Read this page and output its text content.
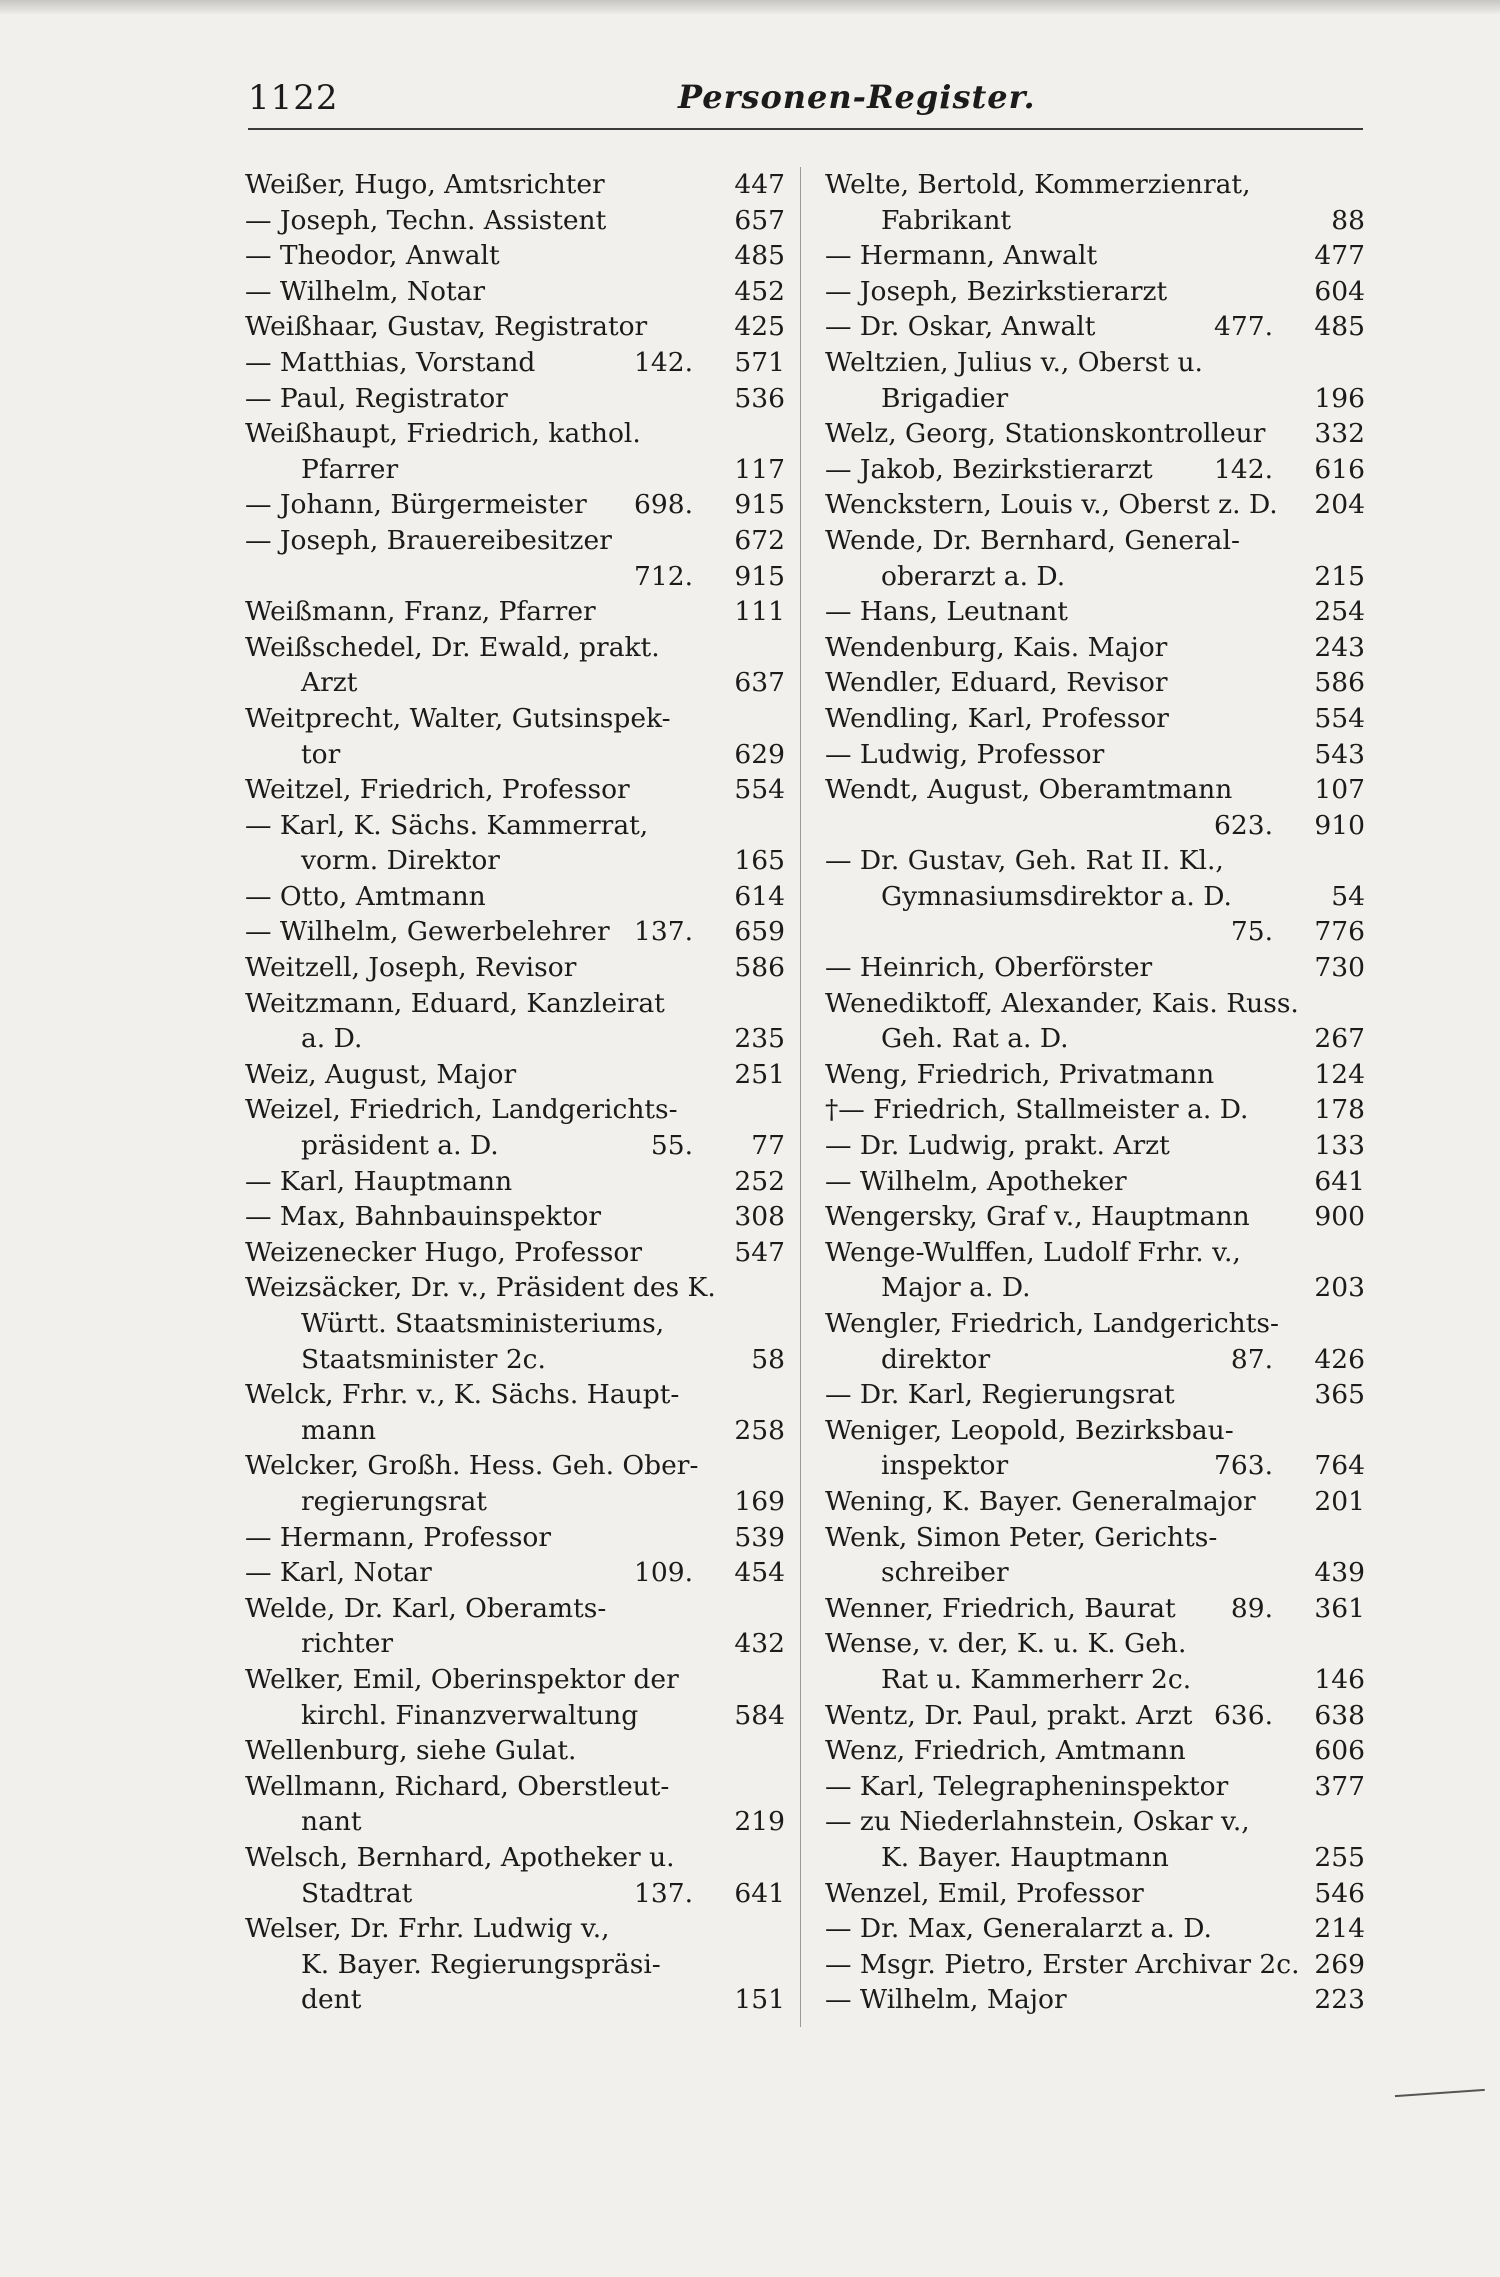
1122	Personen-Register.
Weißer, Hugo, Amtsrichter	447
— Joseph, Techn. Assistent	657
— Theodor, Anwalt	485
— Wilhelm, Notar	452
Weißhaar, Gustav, Registrator	425
— Matthias, Vorstand	142.	571
— Paul, Registrator	536
Weißhaupt, Friedrich, kathol.
Pfarrer	117
— Johann, Bürgermeister 698.	915
— Joseph, Brauereibesitzer	672
712.	915
Weißmann, Franz, Pfarrer	111
Weißschedel, Dr. Ewald, prakt.
Arzt	637
Weitprecht, Walter, Gutsinspek-
tor	629
Weitzel, Friedrich, Professor	554
— Karl, K. Sächs. Kammerrat,
vorm. Direktor	165
— Otto, Amtmann	614
— Wilhelm, Gewerbelehrer 137.	659
Weitzell, Joseph, Revisor	586
Weitzmann, Eduard, Kanzleirat
a. D.	235
Weiz, August, Major	251
Weizel, Friedrich, Landgerichts-
präsident a. D.	55.	77
— Karl, Hauptmann	252
— Max, Bahnbauinspektor	308
Weizenecker Hugo, Professor	547
Weizsäcker, Dr. v., Präsident des K.
Württ. Staatsministeriums,
Staatsminister 2c.	58
Welck, Frhr. v., K. Sächs. Haupt-
mann	258
Welcker, Großh. Hess. Geh. Ober-
regierungsrat	169
— Hermann, Professor	539
— Karl, Notar	109.	454
Welde, Dr. Karl, Oberamts-
richter	432
Welker, Emil, Oberinspektor der
kirchl. Finanzverwaltung	584
Wellenburg, siehe Gulat.
Wellmann, Richard, Oberstleut-
nant	219
Welsch, Bernhard, Apotheker u.
Stadtrat	137.	641
Welser, Dr. Frhr. Ludwig v.,
K. Bayer. Regierungspräsi-
dent	151
Welte, Bertold, Kommerzienrat,
Fabrikant	88
— Hermann, Anwalt	477
— Joseph, Bezirkstierarzt	604
— Dr. Oskar, Anwalt	477.	485
Weltzien, Julius v., Oberst u.
Brigadier	196
Welz, Georg, Stationskontrolleur	332
— Jakob, Bezirkstierarzt 142.	616
Wenckstern, Louis v., Oberst z. D.	204
Wende, Dr. Bernhard, General-
oberarzt a. D.	215
— Hans, Leutnant	254
Wendenburg, Kais. Major	243
Wendler, Eduard, Revisor	586
Wendling, Karl, Professor	554
— Ludwig, Professor	543
Wendt, August, Oberamtmann	107
623.	910
— Dr. Gustav, Geh. Rat II. Kl.,
Gymnasiumsdirektor a. D.	54
75.	776
— Heinrich, Oberförster	730
Wenediktoff, Alexander, Kais. Russ.
Geh. Rat a. D.	267
Weng, Friedrich, Privatmann	124
†— Friedrich, Stallmeister a. D.	178
— Dr. Ludwig, prakt. Arzt	133
— Wilhelm, Apotheker	641
Wengersky, Graf v., Hauptmann	900
Wenge-Wulffen, Ludolf Frhr. v.,
Major a. D.	203
Wengler, Friedrich, Landgerichts-
direktor	87.	426
— Dr. Karl, Regierungsrat	365
Weniger, Leopold, Bezirksbau-
inspektor	763.	764
Wening, K. Bayer. Generalmajor	201
Wenk, Simon Peter, Gerichts-
schreiber	439
Wenner, Friedrich, Baurat 89.	361
Wense, v. der, K. u. K. Geh.
Rat u. Kammerherr 2c.	146
Wentz, Dr. Paul, prakt. Arzt 636.	638
Wenz, Friedrich, Amtmann	606
— Karl, Telegrapheninspektor	377
— zu Niederlahnstein, Oskar v.,
K. Bayer. Hauptmann	255
Wenzel, Emil, Professor	546
— Dr. Max, Generalarzt a. D.	214
— Msgr. Pietro, Erster Archivar 2c. 269
— Wilhelm, Major	223
